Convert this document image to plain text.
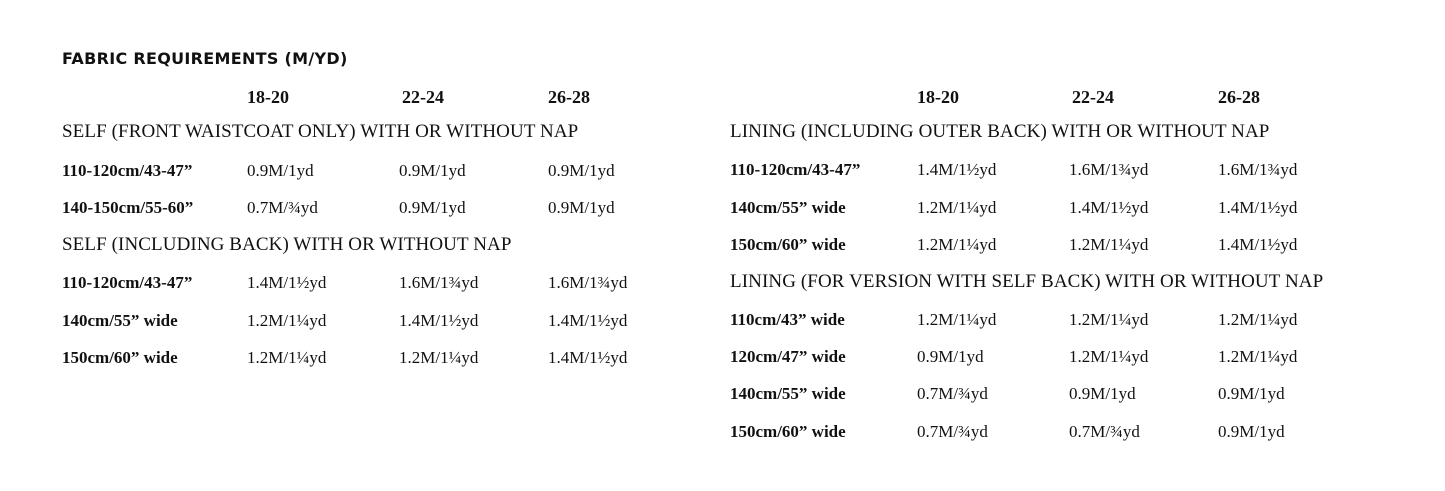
FABRIC REQUIREMENTS (M/YD)
18-20	22-24	26-28
SELF (FRONT WAISTCOAT ONLY) WITH OR WITHOUT NAP
110-120cm/43-47”	0.9M/1yd	0.9M/1yd	0.9M/1yd
140-150cm/55-60”	0.7M/¾yd	0.9M/1yd	0.9M/1yd
SELF (INCLUDING BACK) WITH OR WITHOUT NAP
110-120cm/43-47”	1.4M/1½yd	1.6M/1¾yd	1.6M/1¾yd
140cm/55” wide	1.2M/1¼yd	1.4M/1½yd	1.4M/1½yd
150cm/60” wide	1.2M/1¼yd	1.2M/1¼yd	1.4M/1½yd
18-20	22-24	26-28
LINING (INCLUDING OUTER BACK) WITH OR WITHOUT NAP
110-120cm/43-47”	1.4M/1½yd	1.6M/1¾yd	1.6M/1¾yd
140cm/55” wide	1.2M/1¼yd	1.4M/1½yd	1.4M/1½yd
150cm/60” wide	1.2M/1¼yd	1.2M/1¼yd	1.4M/1½yd
LINING (FOR VERSION WITH SELF BACK) WITH OR WITHOUT NAP
110cm/43” wide	1.2M/1¼yd	1.2M/1¼yd	1.2M/1¼yd
120cm/47” wide	0.9M/1yd	1.2M/1¼yd	1.2M/1¼yd
140cm/55” wide	0.7M/¾yd	0.9M/1yd	0.9M/1yd
150cm/60” wide	0.7M/¾yd	0.7M/¾yd	0.9M/1yd
